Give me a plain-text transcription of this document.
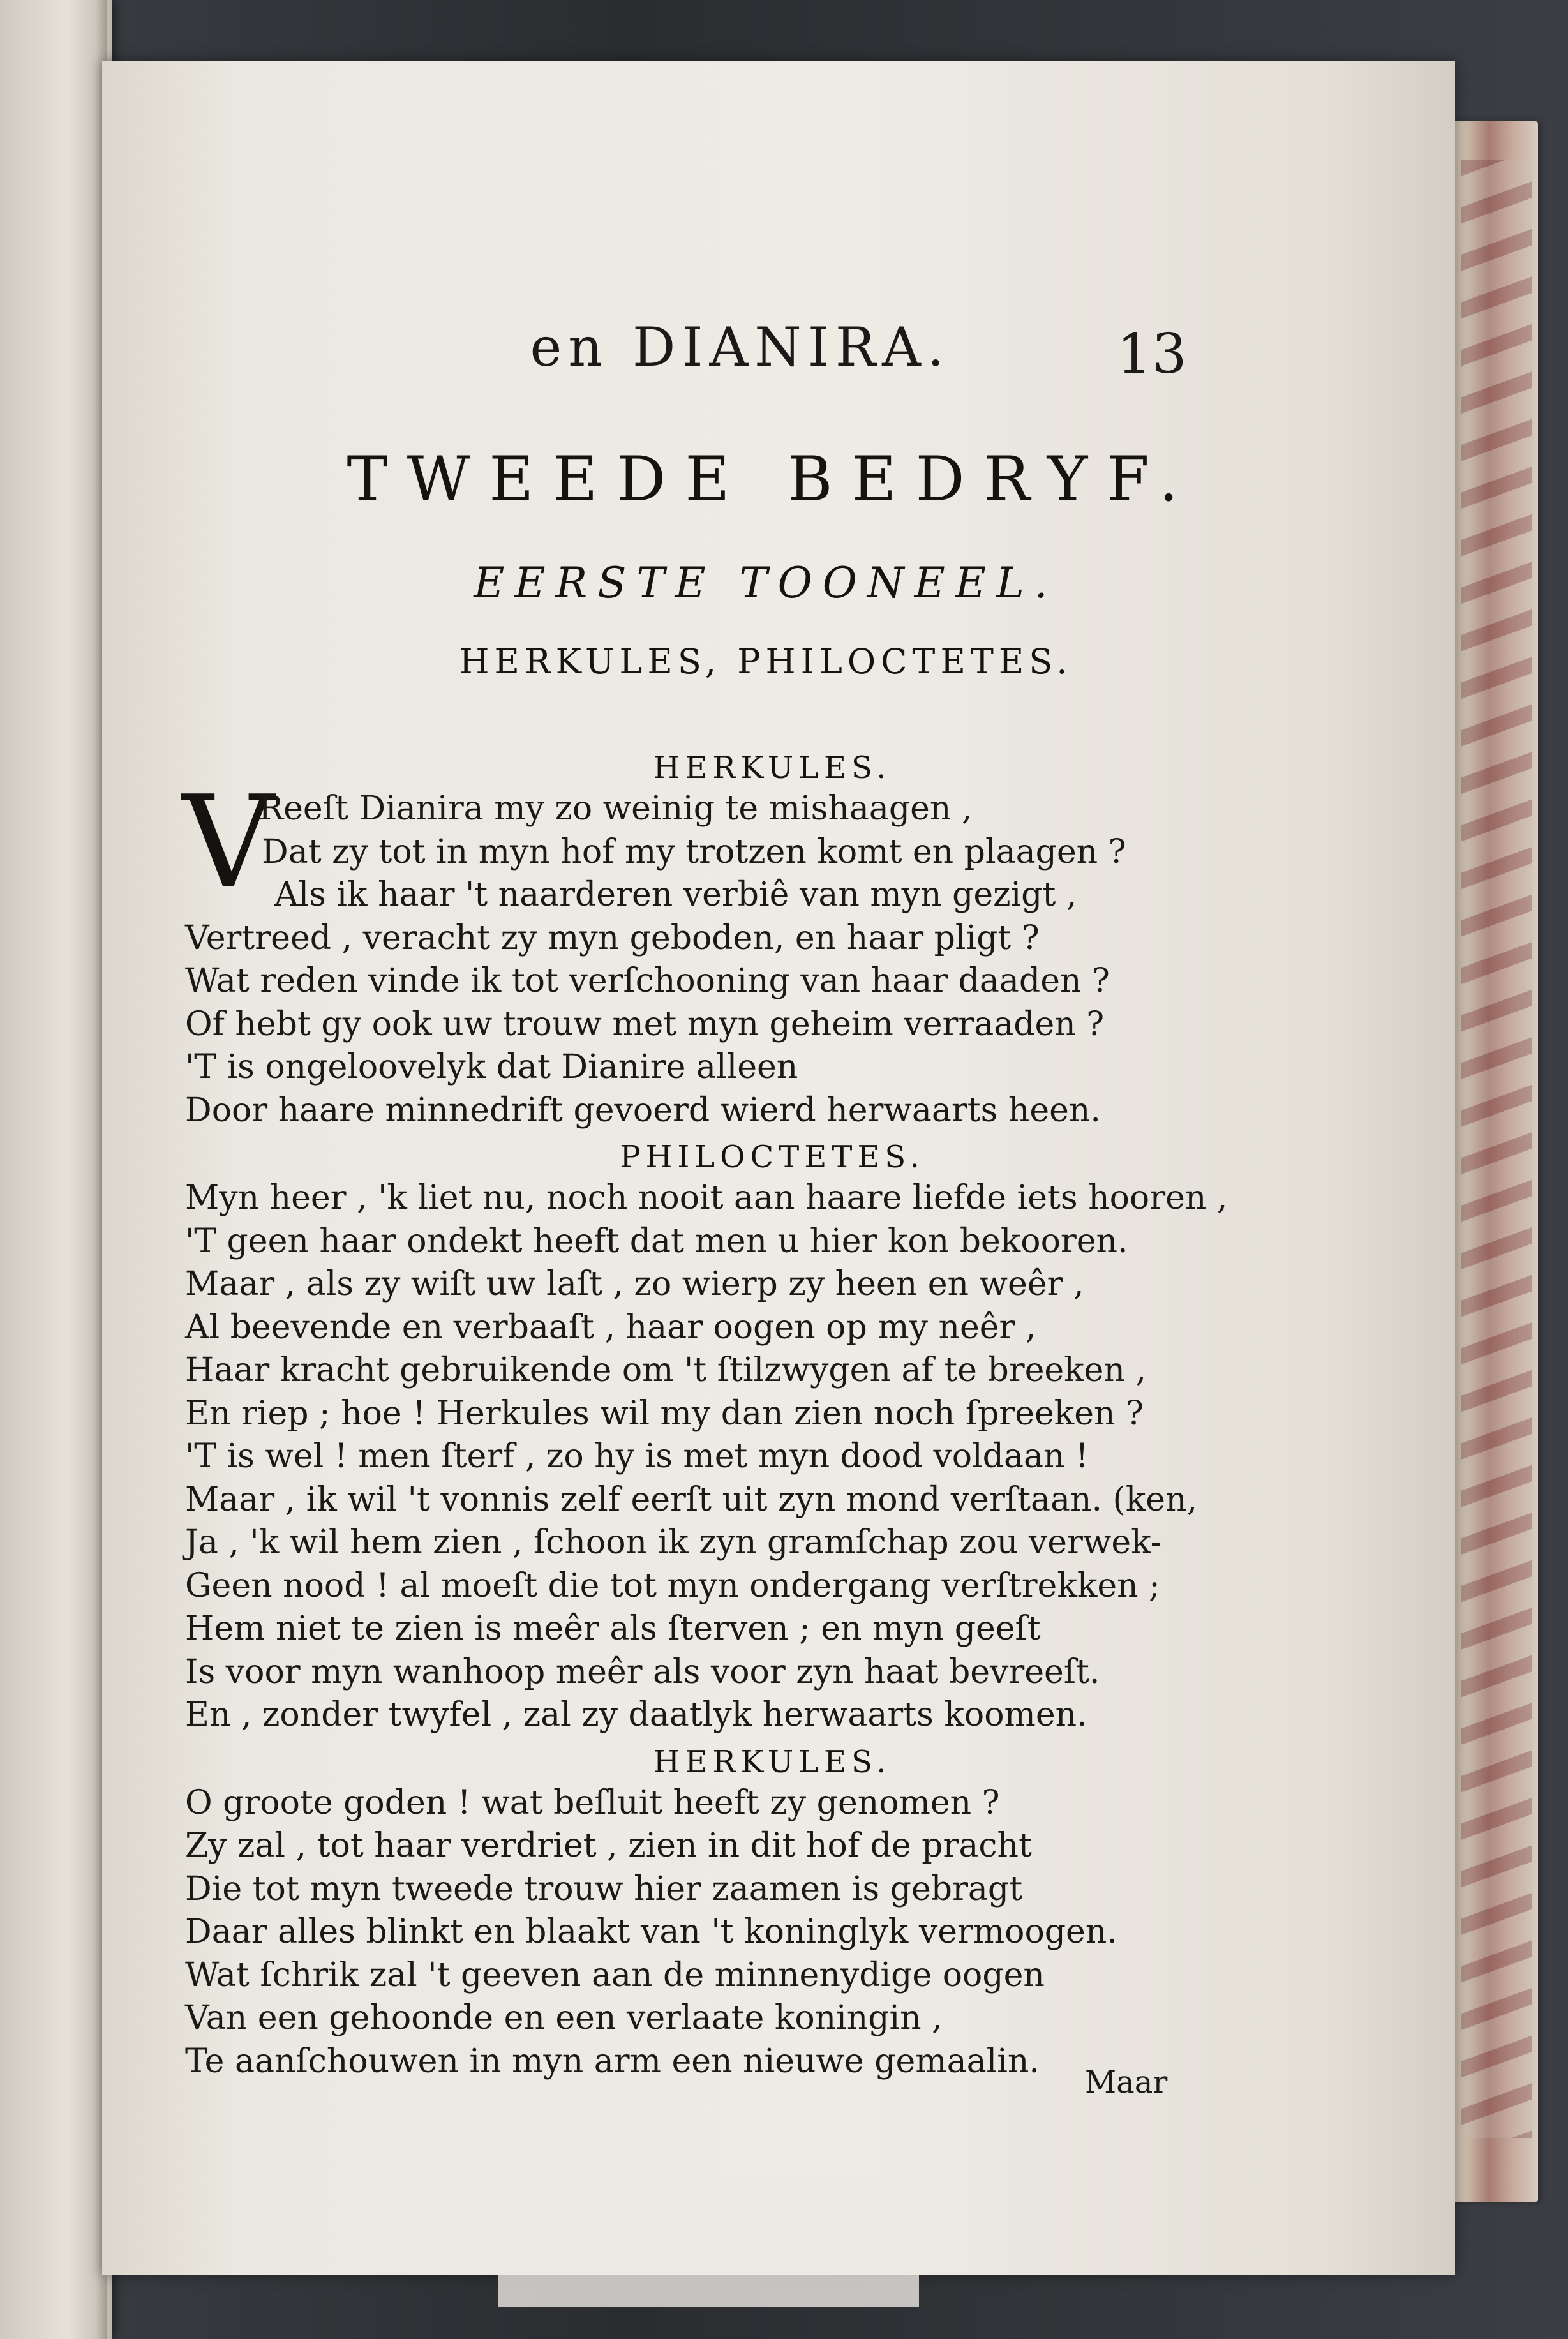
en DIANIRA.	13
TWEEDE BEDRYF.
EERSTE TOONEEL.
HERKULES, PHILOCTETES.
HERKULES.
V
Reeſt Dianira my zo weinig te mishaagen ,
Dat zy tot in myn hof my trotzen komt en plaagen ?
Als ik haar 't naarderen verbiê van myn gezigt ,
Vertreed , veracht zy myn geboden, en haar pligt ?
Wat reden vinde ik tot verſchooning van haar daaden ?
Of hebt gy ook uw trouw met myn geheim verraaden ?
'T is ongeloovelyk dat Dianire alleen
Door haare minnedrift gevoerd wierd herwaarts heen.
PHILOCTETES.
Myn heer , 'k liet nu, noch nooit aan haare liefde iets hooren ,
'T geen haar ondekt heeft dat men u hier kon bekooren.
Maar , als zy wiſt uw laſt , zo wierp zy heen en weêr ,
Al beevende en verbaaſt , haar oogen op my neêr ,
Haar kracht gebruikende om 't ſtilzwygen af te breeken ,
En riep ; hoe ! Herkules wil my dan zien noch ſpreeken ?
'T is wel ! men ſterf , zo hy is met myn dood voldaan !
Maar , ik wil 't vonnis zelf eerſt uit zyn mond verſtaan. (ken,
Ja , 'k wil hem zien , ſchoon ik zyn gramſchap zou verwek-
Geen nood ! al moeſt die tot myn ondergang verſtrekken ;
Hem niet te zien is meêr als ſterven ; en myn geeſt
Is voor myn wanhoop meêr als voor zyn haat bevreeſt.
En , zonder twyfel , zal zy daatlyk herwaarts koomen.
HERKULES.
O groote goden ! wat beſluit heeft zy genomen ?
Zy zal , tot haar verdriet , zien in dit hof de pracht
Die tot myn tweede trouw hier zaamen is gebragt
Daar alles blinkt en blaakt van 't koninglyk vermoogen.
Wat ſchrik zal 't geeven aan de minnenydige oogen
Van een gehoonde en een verlaate koningin ,
Te aanſchouwen in myn arm een nieuwe gemaalin.
Maar
